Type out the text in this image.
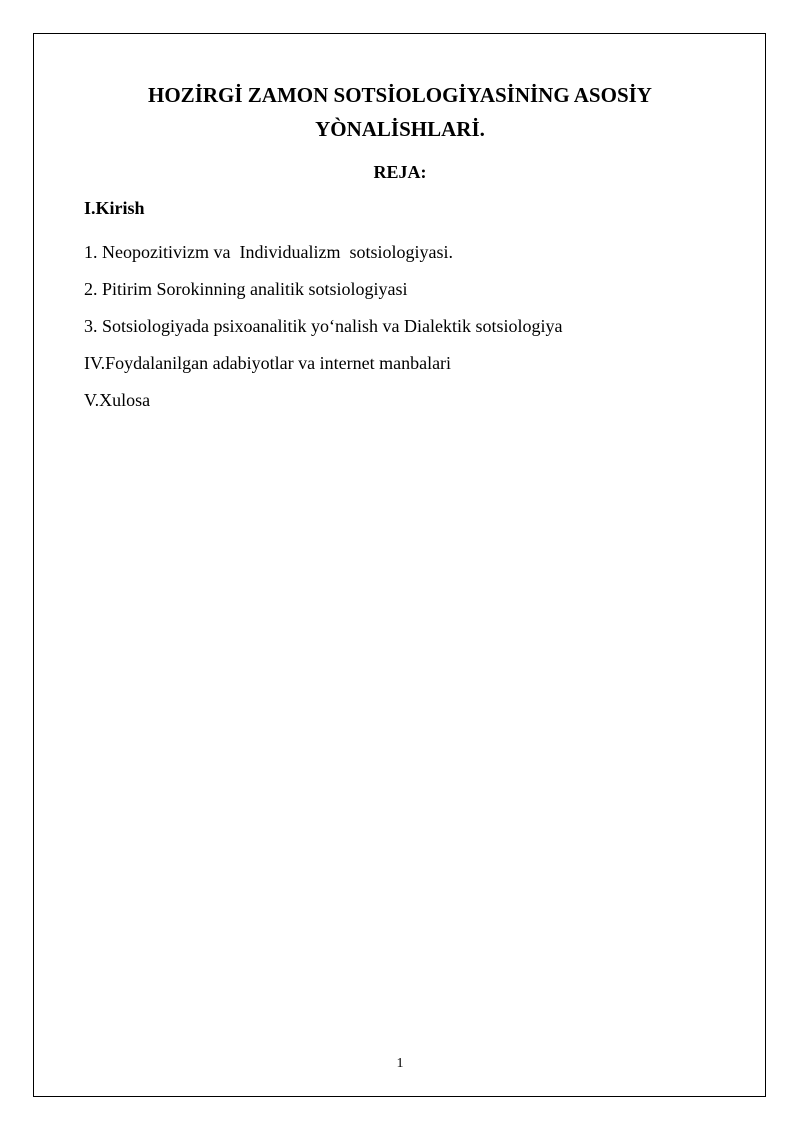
HOZİRGİ ZAMON SOTSİOLOGİYASİNİNG ASOSİY
YÒNALİSHLARİ.
REJA:
I.Kirish
1. Neopozitivizm va  Individualizm  sotsiologiyasi.
2. Pitirim Sorokinning analitik sotsiologiyasi
3. Sotsiologiyada psixoanalitik yo‘nalish va Dialektik sotsiologiya
IV.Foydalanilgan adabiyotlar va internet manbalari
V.Xulosa
1
